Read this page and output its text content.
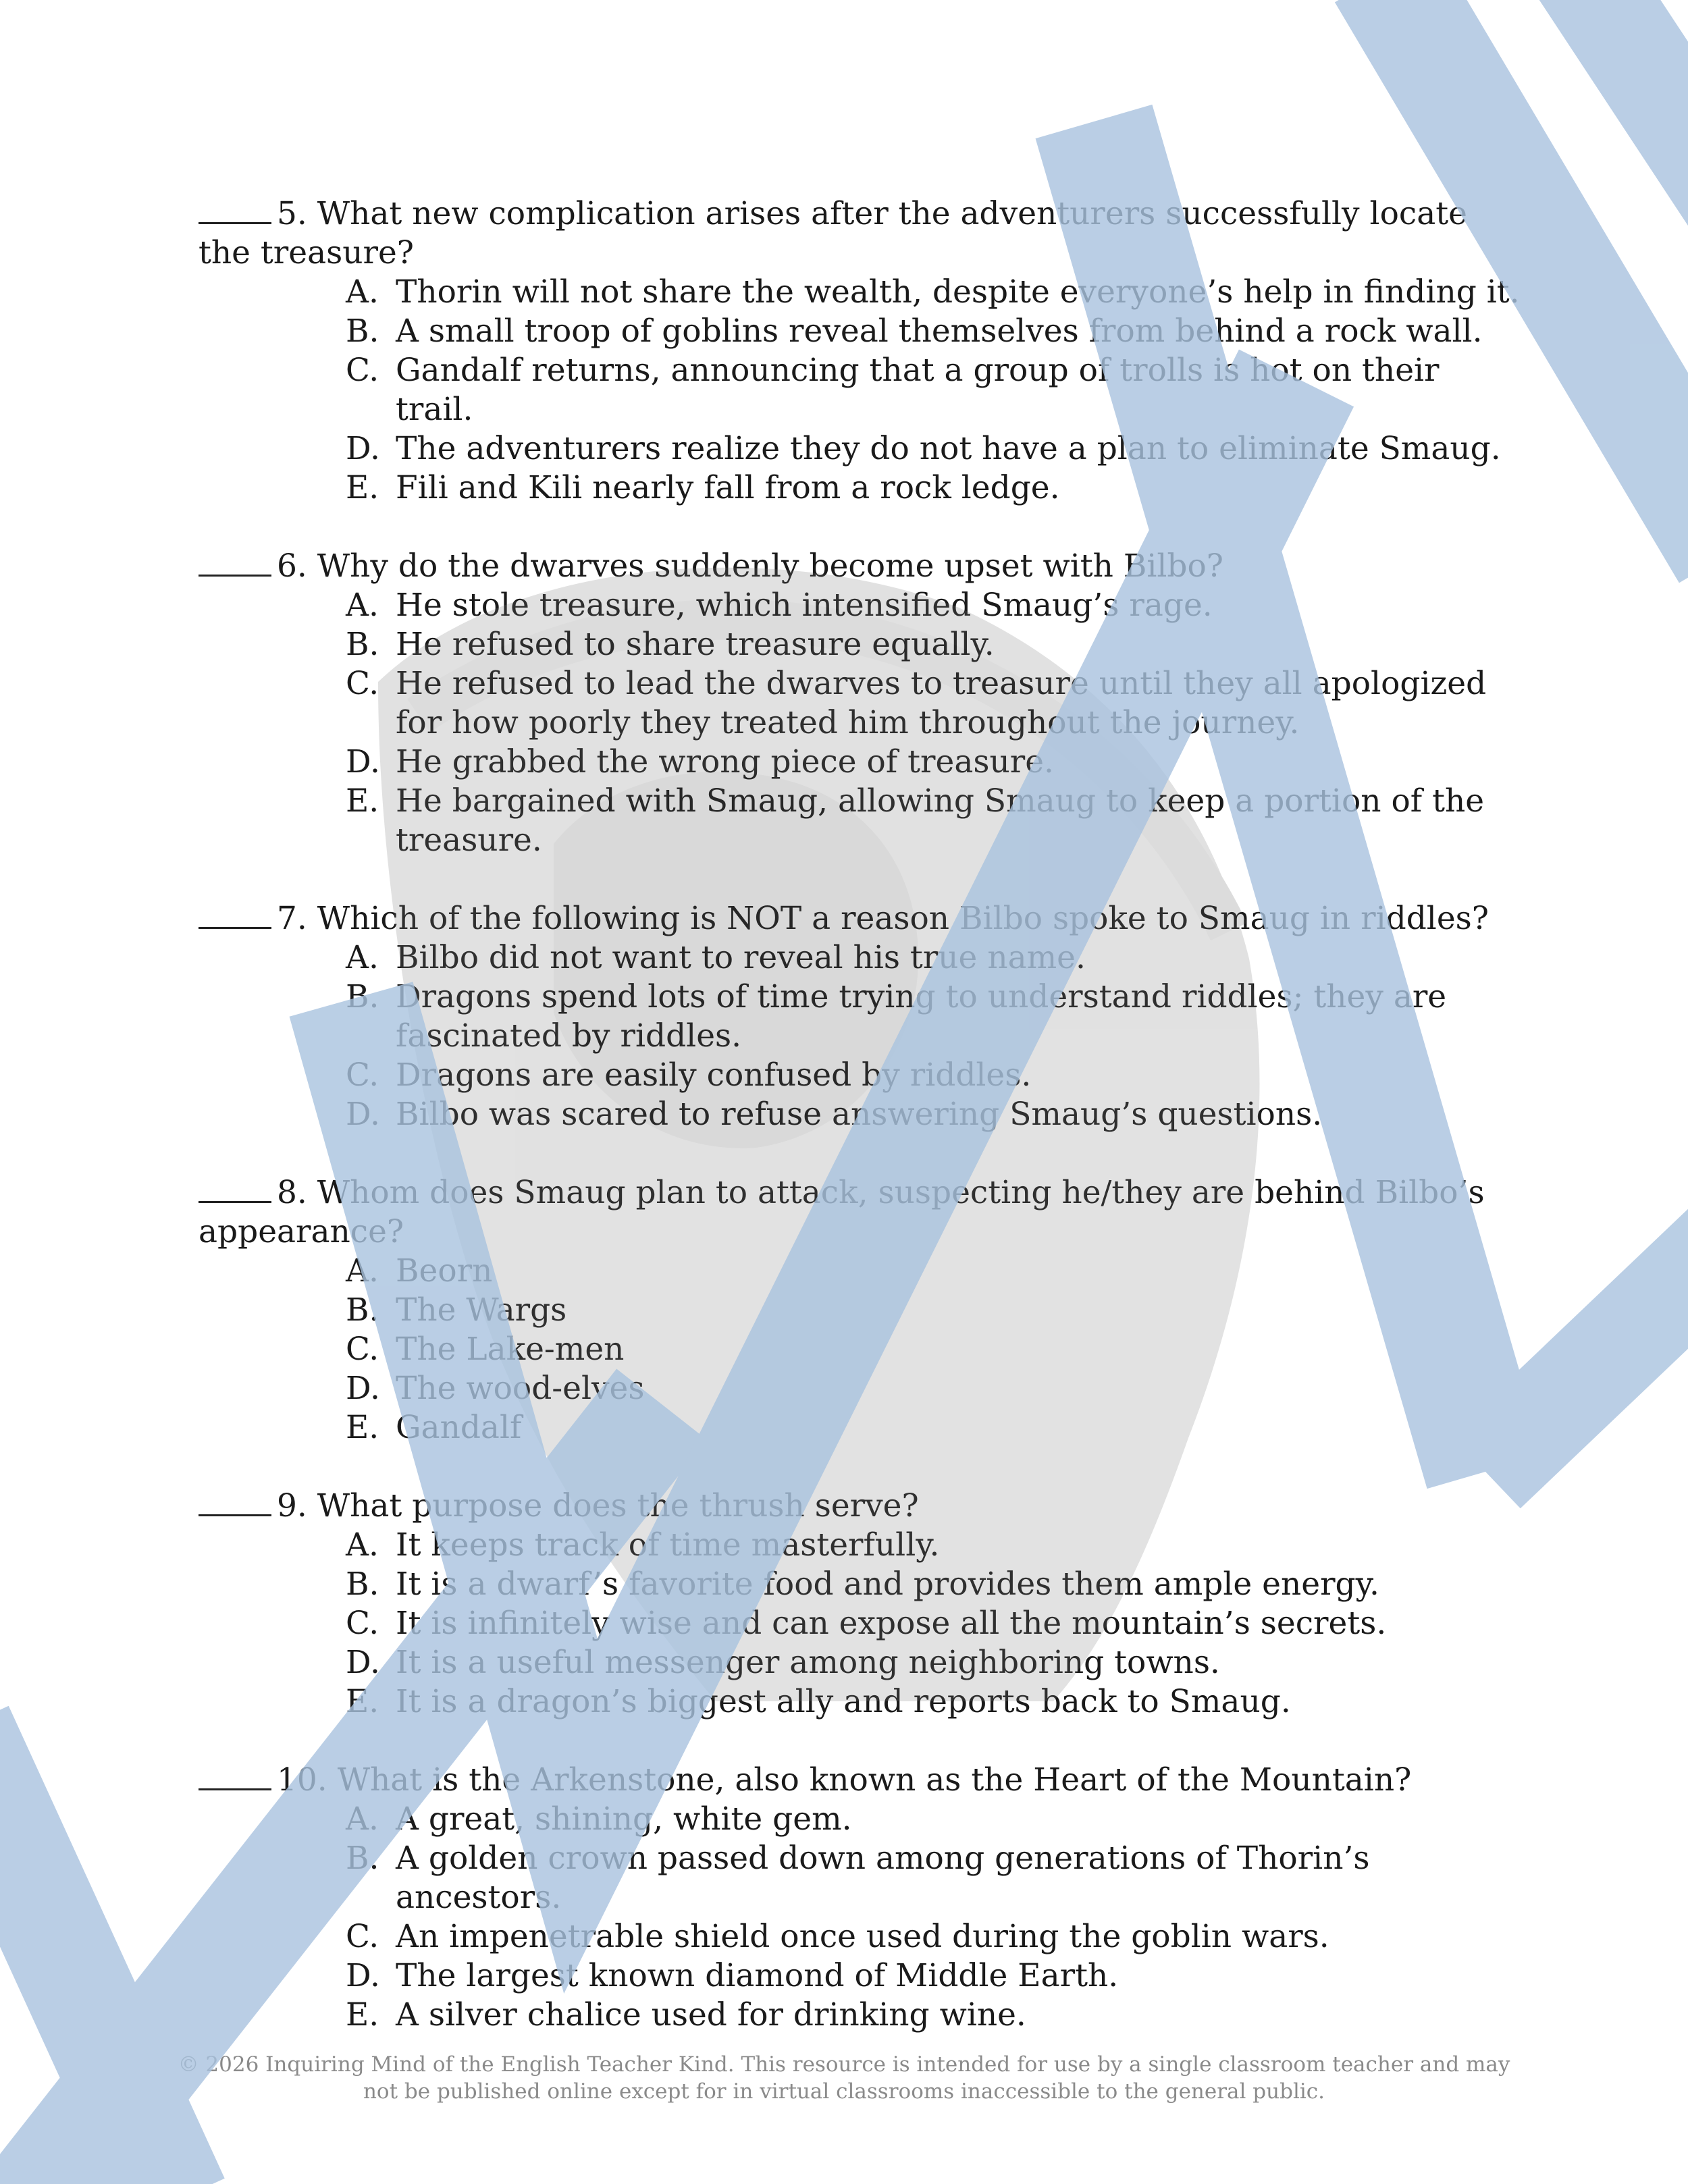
5. What new complication arises after the adventurers successfully locate the treasure?

A. Thorin will not share the wealth, despite everyone’s help in finding it.
B. A small troop of goblins reveal themselves from behind a rock wall.
C. Gandalf returns, announcing that a group of trolls is hot on their trail.
D. The adventurers realize they do not have a plan to eliminate Smaug.
E. Fili and Kili nearly fall from a rock ledge.

6. Why do the dwarves suddenly become upset with Bilbo?

A. He stole treasure, which intensified Smaug’s rage.
B. He refused to share treasure equally.
C. He refused to lead the dwarves to treasure until they all apologized for how poorly they treated him throughout the journey.
D. He grabbed the wrong piece of treasure.
E. He bargained with Smaug, allowing Smaug to keep a portion of the treasure.

7. Which of the following is NOT a reason Bilbo spoke to Smaug in riddles?

A. Bilbo did not want to reveal his true name.
B. Dragons spend lots of time trying to understand riddles; they are fascinated by riddles.
C. Dragons are easily confused by riddles.
D. Bilbo was scared to refuse answering Smaug’s questions.

8. Whom does Smaug plan to attack, suspecting he/they are behind Bilbo’s appearance?

A. Beorn
B. The Wargs
C. The Lake-men
D. The wood-elves
E. Gandalf

9. What purpose does the thrush serve?

A. It keeps track of time masterfully.
B. It is a dwarf’s favorite food and provides them ample energy.
C. It is infinitely wise and can expose all the mountain’s secrets.
D. It is a useful messenger among neighboring towns.
E. It is a dragon’s biggest ally and reports back to Smaug.

10. What is the Arkenstone, also known as the Heart of the Mountain?

A. A great, shining, white gem.
B. A golden crown passed down among generations of Thorin’s ancestors.
C. An impenetrable shield once used during the goblin wars.
D. The largest known diamond of Middle Earth.
E. A silver chalice used for drinking wine.
© 2026 Inquiring Mind of the English Teacher Kind. This resource is intended for use by a single classroom teacher and may
not be published online except for in virtual classrooms inaccessible to the general public.
